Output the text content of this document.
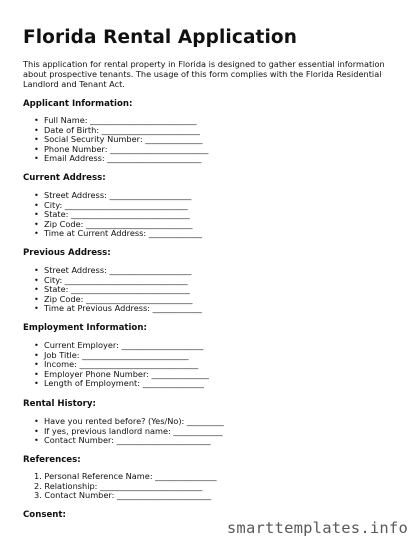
Florida Rental Application

This application for rental property in Florida is designed to gather essential information about prospective tenants. The usage of this form complies with the Florida Residential Landlord and Tenant Act.

Applicant Information:
• Full Name: __________________________
• Date of Birth: ________________________
• Social Security Number: ______________
• Phone Number: ________________________
• Email Address: _______________________
Current Address:
• Street Address: ____________________
• City: ______________________________
• State: _____________________________
• Zip Code: __________________________
• Time at Current Address: _____________
Previous Address:
• Street Address: ____________________
• City: ______________________________
• State: _____________________________
• Zip Code: __________________________
• Time at Previous Address: ____________
Employment Information:
• Current Employer: ____________________
• Job Title: __________________________
• Income: _____________________________
• Employer Phone Number: ______________
• Length of Employment: _______________
Rental History:
• Have you rented before? (Yes/No): _________
• If yes, previous landlord name: ____________
• Contact Number: _______________________
References:
1. Personal Reference Name: _______________
2. Relationship: _________________________
3. Contact Number: _______________________
Consent:
smarttemplates.info
